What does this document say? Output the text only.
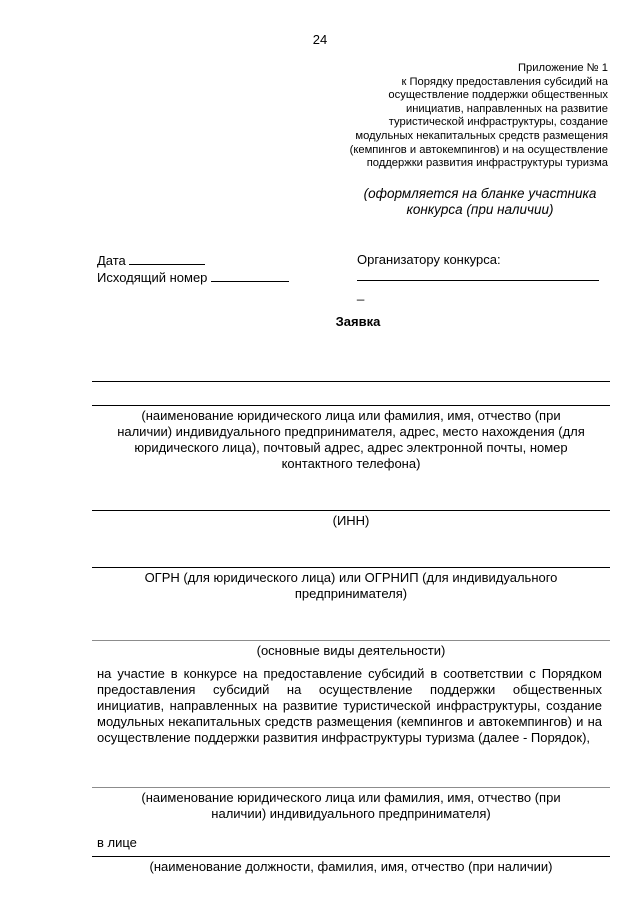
24
Приложение № 1
к Порядку предоставления субсидий на
осуществление поддержки общественных
инициатив, направленных на развитие
туристической инфраструктуры, создание
модульных некапитальных средств размещения
(кемпингов и автокемпингов) и на осуществление
поддержки развития инфраструктуры туризма
(оформляется на бланке участника
конкурса (при наличии)
Дата
Исходящий номер
Организатору конкурса:
_
Заявка
(наименование юридического лица или фамилия, имя, отчество (при
наличии) индивидуального предпринимателя, адрес, место нахождения (для
юридического лица), почтовый адрес, адрес электронной почты, номер
контактного телефона)
(ИНН)
ОГРН (для юридического лица) или ОГРНИП (для индивидуального
предпринимателя)
(основные виды деятельности)
на участие в конкурсе на предоставление субсидий в соответствии с Порядком предоставления субсидий на осуществление поддержки общественных инициатив, направленных на развитие туристической инфраструктуры, создание модульных некапитальных средств размещения (кемпингов и автокемпингов) и на осуществление поддержки развития инфраструктуры туризма (далее - Порядок),
(наименование юридического лица или фамилия, имя, отчество (при
наличии) индивидуального предпринимателя)
в лице
(наименование должности, фамилия, имя, отчество (при наличии)
